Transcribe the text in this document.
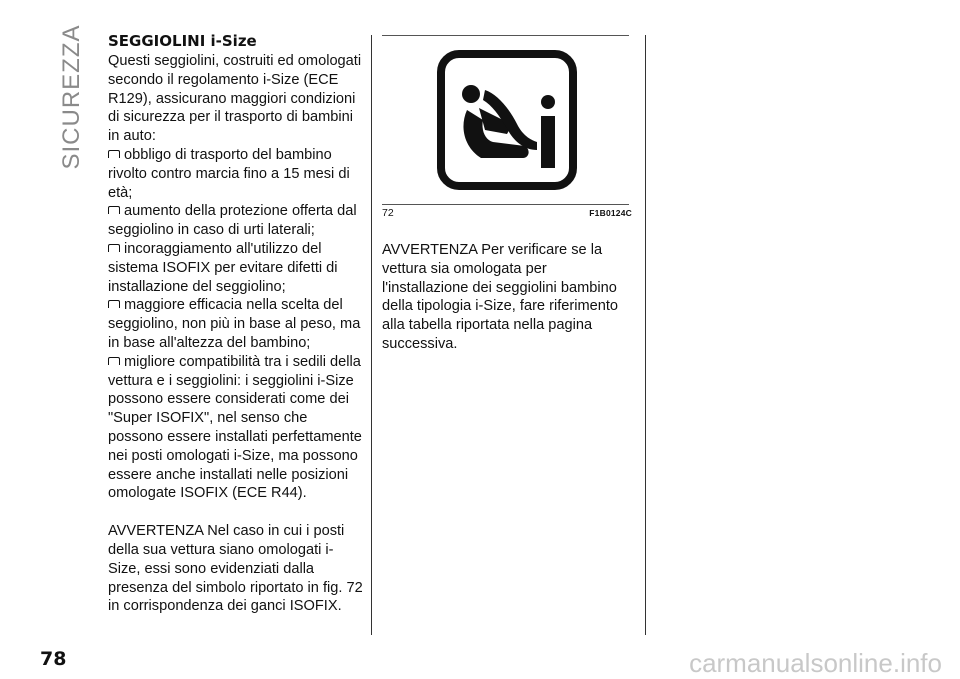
SICUREZZA SEGGIOLINI i-Size

Questi seggiolini, costruiti ed omologati secondo il regolamento i-Size (ECE R129), assicurano maggiori condizioni di sicurezza per il trasporto di bambini in auto:

obbligo di trasporto del bambino rivolto contro marcia fino a 15 mesi di età;

aumento della protezione offerta dal seggiolino in caso di urti laterali;

incoraggiamento all'utilizzo del sistema ISOFIX per evitare difetti di installazione del seggiolino;

maggiore efficacia nella scelta del seggiolino, non più in base al peso, ma in base all'altezza del bambino;

migliore compatibilità tra i sedili della vettura e i seggiolini: i seggiolini i-Size possono essere considerati come dei "Super ISOFIX", nel senso che possono essere installati perfettamente nei posti omologati i-Size, ma possono essere anche installati nelle posizioni omologate ISOFIX (ECE R44).

AVVERTENZA Nel caso in cui i posti della sua vettura siano omologati i-Size, essi sono evidenziati dalla presenza del simbolo riportato in fig. 72 in corrispondenza dei ganci ISOFIX.

72	F1B0124C

AVVERTENZA Per verificare se la vettura sia omologata per l'installazione dei seggiolini bambino della tipologia i-Size, fare riferimento alla tabella riportata nella pagina successiva.

78	carmanualsonline.info
